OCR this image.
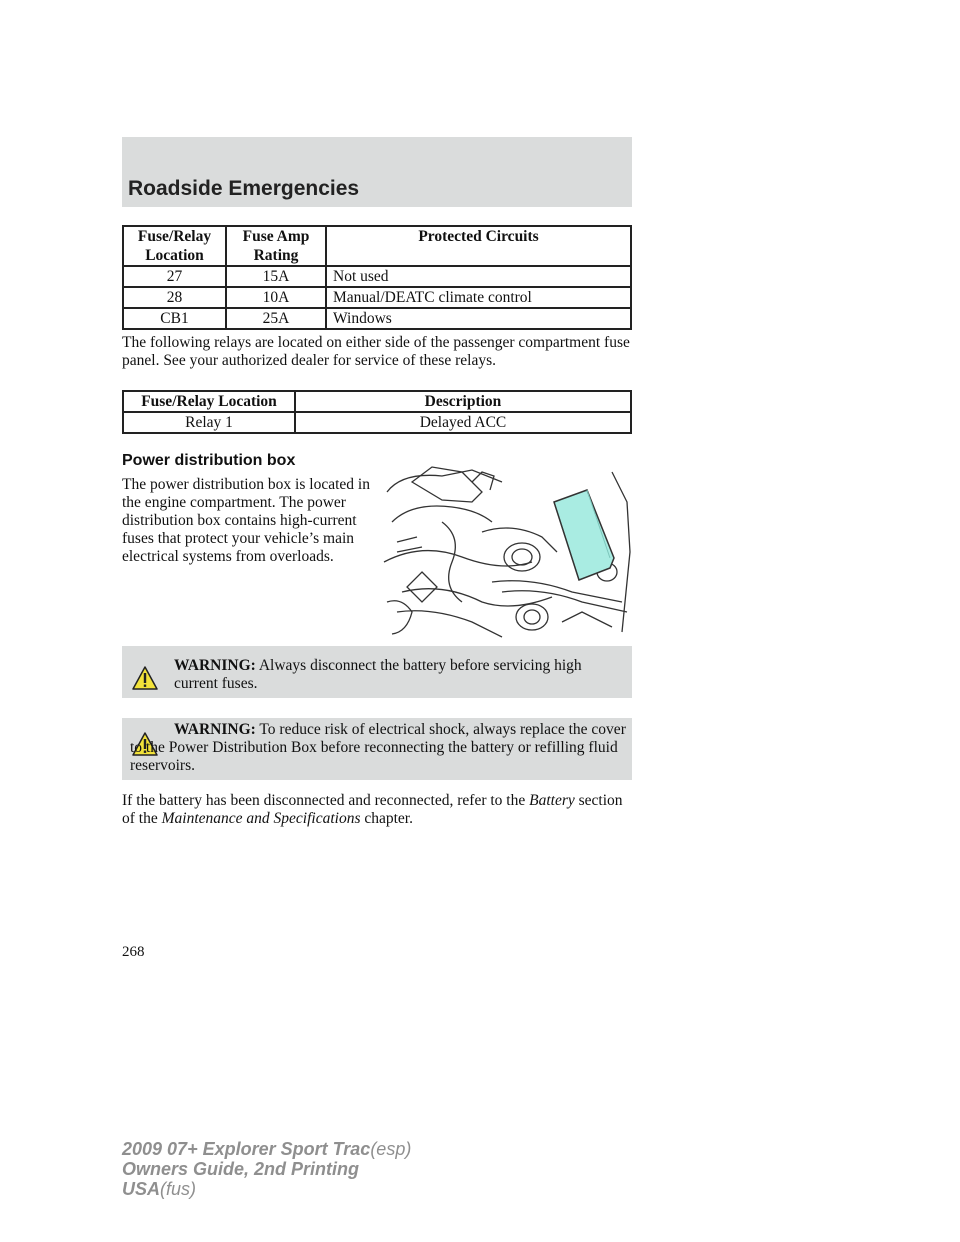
Roadside Emergencies
Fuse/Relay Location	Fuse Amp Rating	Protected Circuits
27	15A	Not used
28	10A	Manual/DEATC climate control
CB1	25A	Windows

The following relays are located on either side of the passenger compartment fuse panel. See your authorized dealer for service of these relays.

Fuse/Relay Location	Description
Relay 1	Delayed ACC
Power distribution box

The power distribution box is located in the engine compartment. The power distribution box contains high-current fuses that protect your vehicle’s main electrical systems from overloads.

WARNING: Always disconnect the battery before servicing high current fuses.
WARNING: To reduce risk of electrical shock, always replace the cover to the Power Distribution Box before reconnecting the battery or refilling fluid reservoirs.

If the battery has been disconnected and reconnected, refer to the Battery section of the Maintenance and Specifications chapter.

268
2009 07+ Explorer Sport Trac(esp)
Owners Guide, 2nd Printing
USA(fus)
